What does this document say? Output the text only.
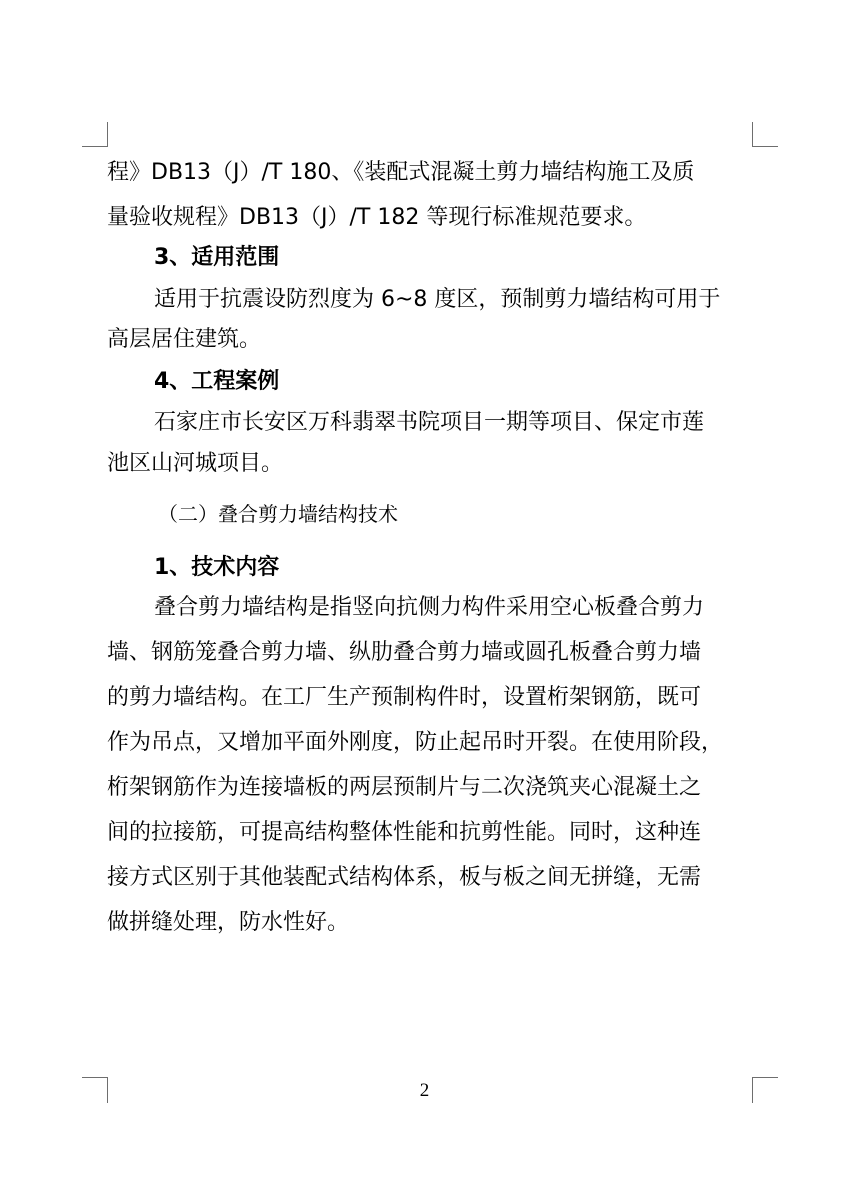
程》DB13（J）/T 180、《装配式混凝土剪力墙结构施工及质
量验收规程》DB13（J）/T 182 等现行标准规范要求。
3、适用范围
适用于抗震设防烈度为 6~8 度区，预制剪力墙结构可用于
高层居住建筑。
4、工程案例
石家庄市长安区万科翡翠书院项目一期等项目、保定市莲
池区山河城项目。
（二）叠合剪力墙结构技术
1、技术内容
叠合剪力墙结构是指竖向抗侧力构件采用空心板叠合剪力
墙、钢筋笼叠合剪力墙、纵肋叠合剪力墙或圆孔板叠合剪力墙
的剪力墙结构。在工厂生产预制构件时，设置桁架钢筋，既可
作为吊点，又增加平面外刚度，防止起吊时开裂。在使用阶段，
桁架钢筋作为连接墙板的两层预制片与二次浇筑夹心混凝土之
间的拉接筋，可提高结构整体性能和抗剪性能。同时，这种连
接方式区别于其他装配式结构体系，板与板之间无拼缝，无需
做拼缝处理，防水性好。
2
